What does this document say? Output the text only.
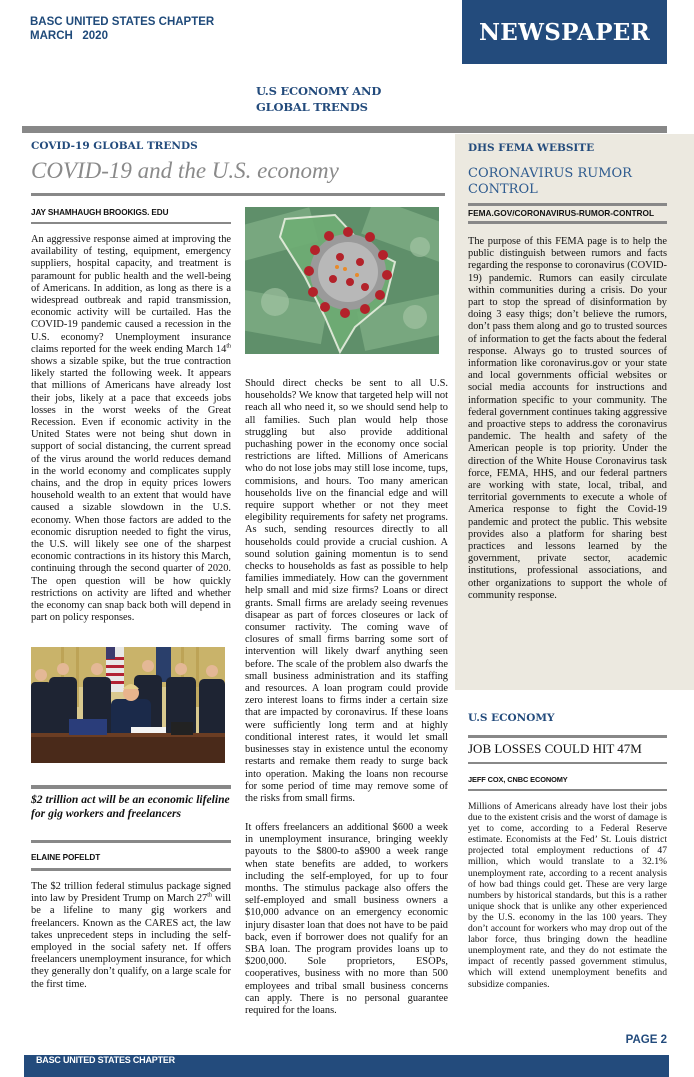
BASC UNITED STATES CHAPTER
MARCH   2020	NEWSPAPER
U.S ECONOMY AND
GLOBAL TRENDS
COVID-19 GLOBAL TRENDS
COVID-19 and the U.S. economy
JAY SHAMHAUGH BROOKIGS. EDU
An aggressive response aimed at improving the availability of testing, equipment, emergency suppliers, hospital capacity, and treatment is paramount for public health and the well-being of Americans. In addition, as long as there is a widespread outbreak and rapid transmission, economic activity will be curtailed. Has the COVID-19 pandemic caused a recession in the U.S. economy? Unemployment insurance claims reported for the week ending March 14th shows a sizable spike, but the true contraction likely started the following week. It appears that millions of Americans have already lost their jobs, likely at a pace that exceeds jobs losses in the worst weeks of the Great Recession. Even if economic activity in the United States were not being shut down in support of social distancing, the current spread of the virus around the world reduces demand in the world economy and complicates supply chains, and the drop in equity prices lowers household wealth to an extent that would have caused a sizable slowdown in the U.S. economy. When those factors are added to the economic disruption needed to fight the virus, the U.S. will likely see one of the sharpest economic contractions in its history this March, continuing through the second quarter of 2020. The open question will be how quickly restrictions on activity are lifted and whether the economy can snap back both will depend in part on policy responses.
$2 trillion act will be an economic lifeline for gig workers and freelancers
ELAINE POFELDT
The $2 trillion federal stimulus package signed into law by President Trump on March 27th will be a lifeline to many gig workers and freelancers. Known as the CARES act, the law takes unprecedent steps in including the self-employed in the social safety net. If offers freelancers unemployment insurance, for which they generally don’t qualify, on a large scale for the first time.
Should direct checks be sent to all U.S. households? We know that targeted help will not reach all who need it, so we should send help to all families. Such plan would help those struggling but also provide additional puchashing power in the economy once social restrictions are lifted. Millions of Americans who do not lose jobs may still lose income, tups, commisions, and hours. Too many american households live on the financial edge and will require support whether or not they meet elegibility requirements for safety net programs. As such, sending resources directly to all households could provide a crucial cushion. A sound solution gaining momentun is to send checks to households as fast as possible to help families immediately. How can the government help small and mid size firms? Loans or direct grants. Small firms are arelady seeing revenues disapear as part of forces closeures or lack of consumer ractivity. The coming wave of closures of small firms barring some sort of intervention will likely dwarf anything seen before. The scale of the problem also dwarfs the small business administration and its staffing and resources. A loan program could provide zero interest loans to firms inder a certain size that are impacted by coronavirus. If these loans were sufficiently long term and at highly conditional interest rates, it would let small businesses stay in existence untul the economy restarts and remake them ready to surge back into operation. Making the loans non recourse for some period of time may remove some of the risks from small firms.
It offers freelancers an additional $600 a week in unemployment insurance, bringing weekly payouts to the $800-to a$900 a week range when state benefits are added, to workers including the self-employed, for up to four months. The stimulus package also offers the self-employed and small business owners a $10,000 advance on an emergency economic injury disaster loan that does not have to be paid back, even if borrower does not qualify for an SBA loan. The program provides loans up to $200,000. Sole proprietors, ESOPs, cooperatives, business with no more than 500 employees and tribal small business concerns can apply. There is no personal guarantee required for the loans.
DHS FEMA WEBSITE
CORONAVIRUS RUMOR CONTROL
FEMA.GOV/CORONAVIRUS-RUMOR-CONTROL
The purpose of this FEMA page is to help the public distinguish between rumors and facts regarding the response to coronavirus (COVID-19) pandemic. Rumors can easily circulate within communities during a crisis. Do your part to stop the spread of disinformation by doing 3 easy thigs; don’t believe the rumors, don’t pass them along and go to trusted sources of information to get the facts about the federal response. Always go to trusted sources of information like coronavirus.gov or your state and local governments official websites or social media accounts for instructions and information specific to your community. The federal government continues taking aggressive and proactive steps to address the coronavirus pandemic. The health and safety of the American people is top priority. Under the direction of the White House Coronavirus task force, FEMA, HHS, and our federal partners are working with state, local, tribal, and territorial governments to execute a whole of America response to fight the Covid-19 pandemic and protect the public. This website provides also a platform for sharing best practices and lessons learned by the government, private sector, academic institutions, professional associations, and other organizations to support the whole of community response.
U.S ECONOMY
JOB LOSSES COULD HIT 47M
JEFF COX, CNBC ECONOMY
Millions of Americans already have lost their jobs due to the existent crisis and the worst of damage is yet to come, according to a Federal Reserve estimate. Economists at the Fed’ St. Louis district projected total employment reductions of 47 million, which would translate to a 32.1% unemployment rate, according to a recent analysis of how bad things could get. These are very large numbers by historical standards, but this is a rather unique shock that is unlike any other experienced by the U.S. economy in the las 100 years. They don’t account for workers who may drop out of the labor force, thus bringing down the headline unemployment rate, and they do not estimate the impact of recently passed government stimulus, which will extend unemployment benefits and subsidize companies.
PAGE 2
BASC UNITED STATES CHAPTER
